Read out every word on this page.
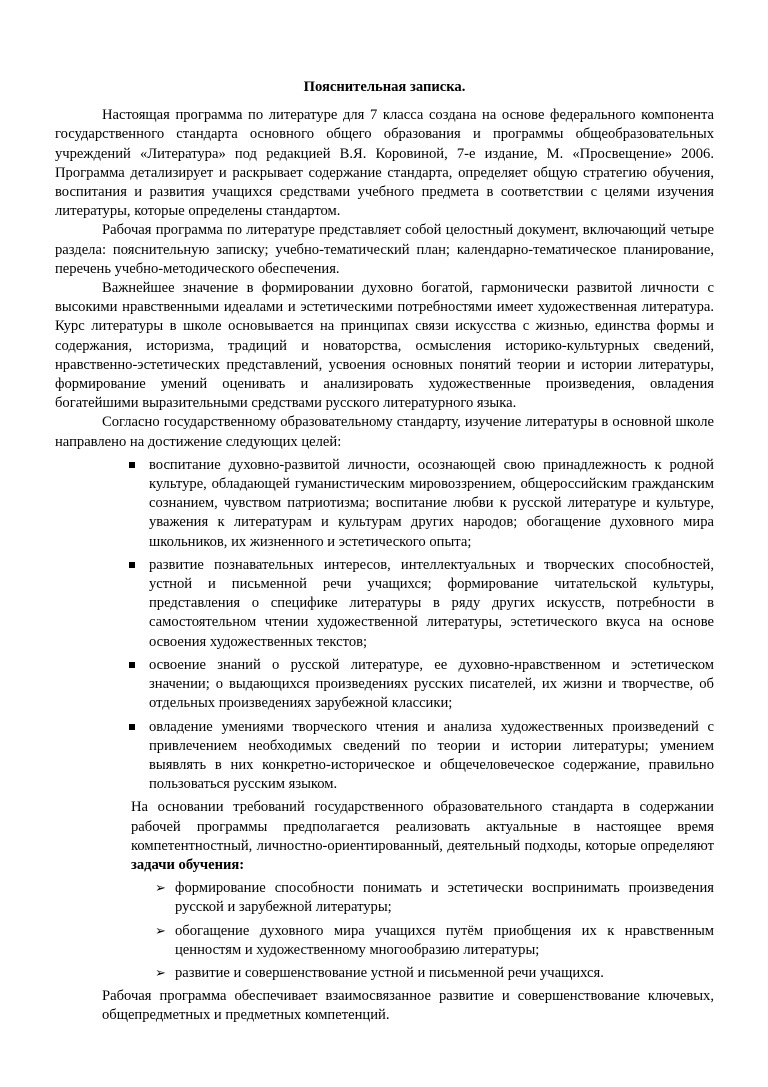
Пояснительная записка.

Настоящая программа по литературе для 7 класса создана на основе федерального компонента государственного стандарта основного общего образования и программы общеобразовательных учреждений «Литература» под редакцией В.Я. Коровиной, 7-е издание, М. «Просвещение» 2006. Программа детализирует и раскрывает содержание стандарта, определяет общую стратегию обучения, воспитания и развития учащихся средствами учебного предмета в соответствии с целями изучения литературы, которые определены стандартом.

Рабочая программа по литературе представляет собой целостный документ, включающий четыре раздела: пояснительную записку; учебно-тематический план; календарно-тематическое планирование, перечень учебно-методического обеспечения.

Важнейшее значение в формировании духовно богатой, гармонически развитой личности с высокими нравственными идеалами и эстетическими потребностями имеет художественная литература. Курс литературы в школе основывается на принципах связи искусства с жизнью, единства формы и содержания, историзма, традиций и новаторства, осмысления историко-культурных сведений, нравственно-эстетических представлений, усвоения основных понятий теории и истории литературы, формирование умений оценивать и анализировать художественные произведения, овладения богатейшими выразительными средствами русского литературного языка.

Согласно государственному образовательному стандарту, изучение литературы в основной школе направлено на достижение следующих целей:

воспитание духовно-развитой личности, осознающей свою принадлежность к родной культуре, обладающей гуманистическим мировоззрением, общероссийским гражданским сознанием, чувством патриотизма; воспитание любви к русской литературе и культуре, уважения к литературам и культурам других народов; обогащение духовного мира школьников, их жизненного и эстетического опыта;
развитие познавательных интересов, интеллектуальных и творческих способностей, устной и письменной речи учащихся; формирование читательской культуры, представления о специфике литературы в ряду других искусств, потребности в самостоятельном чтении художественной литературы, эстетического вкуса на основе освоения художественных текстов;
освоение знаний о русской литературе, ее духовно-нравственном и эстетическом значении; о выдающихся произведениях русских писателей, их жизни и творчестве, об отдельных произведениях зарубежной классики;
овладение умениями творческого чтения и анализа художественных произведений с привлечением необходимых сведений по теории и истории литературы; умением выявлять в них конкретно-историческое и общечеловеческое содержание, правильно пользоваться русским языком.
На основании требований государственного образовательного стандарта в содержании рабочей программы предполагается реализовать актуальные в настоящее время компетентностный, личностно-ориентированный, деятельный подходы, которые определяют задачи обучения:
➢ формирование способности понимать и эстетически воспринимать произведения русской и зарубежной литературы;
➢ обогащение духовного мира учащихся путём приобщения их к нравственным ценностям и художественному многообразию литературы;
➢ развитие и совершенствование устной и письменной речи учащихся.
Рабочая программа обеспечивает взаимосвязанное развитие и совершенствование ключевых, общепредметных и предметных компетенций.
